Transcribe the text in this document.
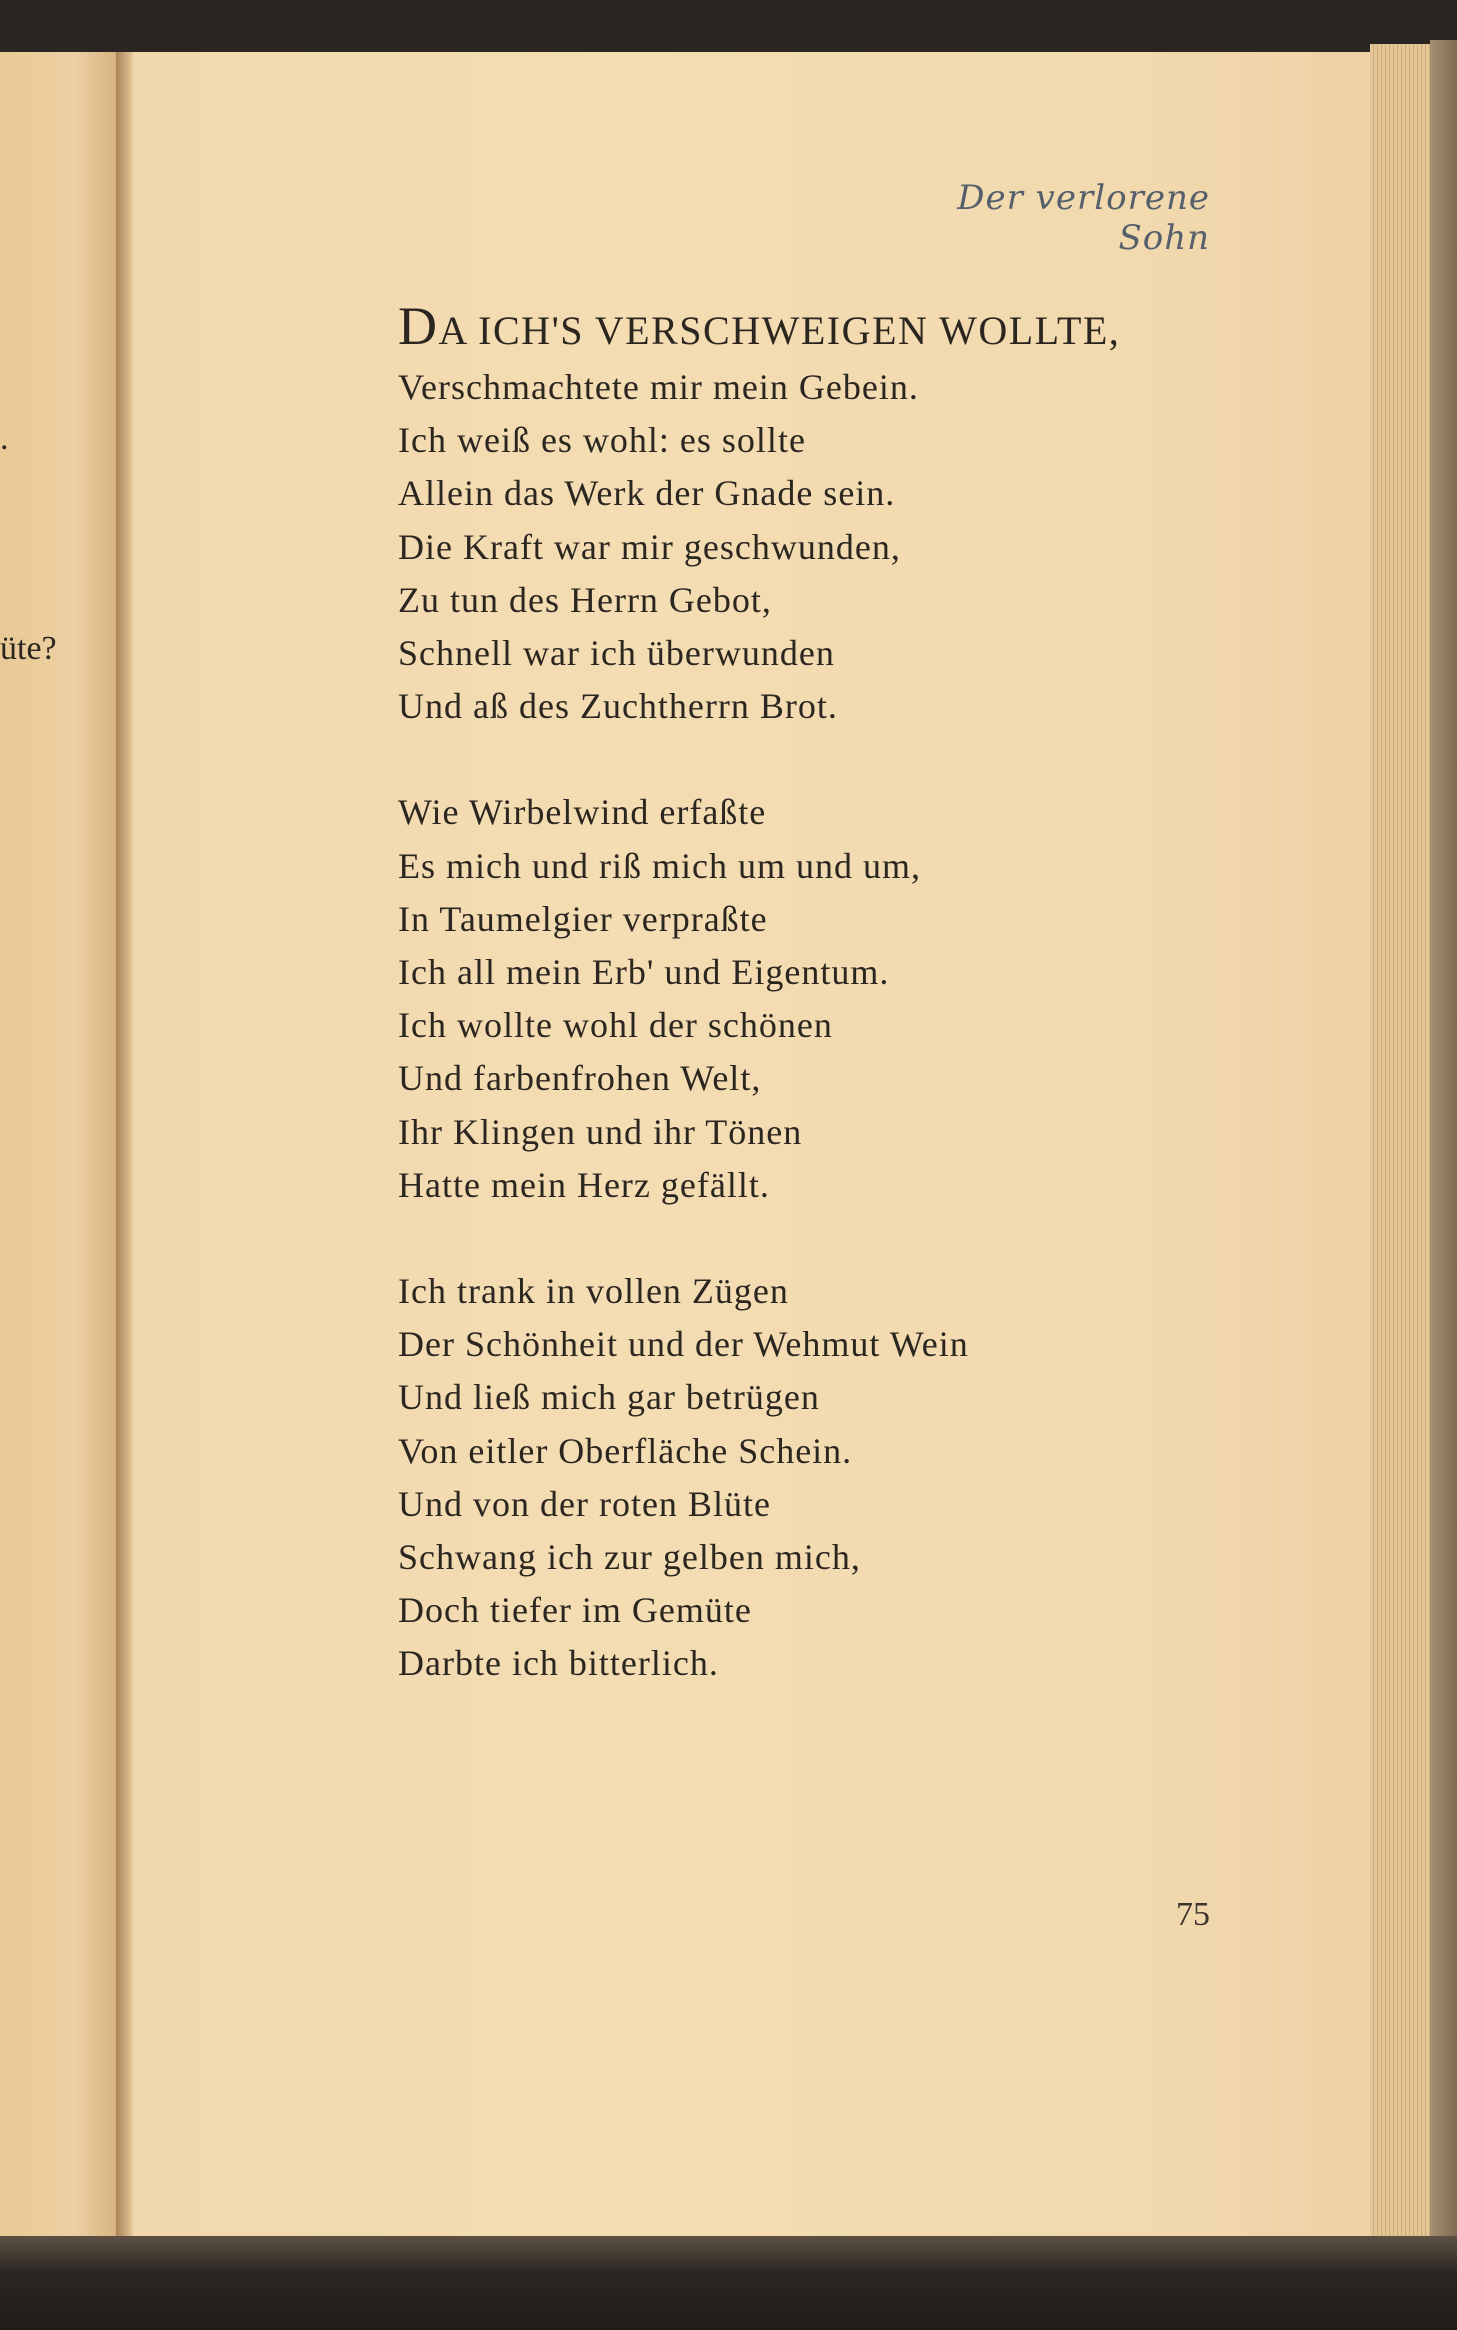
.
üte?
Der verlorene Sohn

DA ICH'S VERSCHWEIGEN WOLLTE,

Verschmachtete mir mein Gebein.

Ich weiß es wohl: es sollte

Allein das Werk der Gnade sein.

Die Kraft war mir geschwunden,

Zu tun des Herrn Gebot,

Schnell war ich überwunden

Und aß des Zuchtherrn Brot.

Wie Wirbelwind erfaßte

Es mich und riß mich um und um,

In Taumelgier verpraßte

Ich all mein Erb' und Eigentum.

Ich wollte wohl der schönen

Und farbenfrohen Welt,

Ihr Klingen und ihr Tönen

Hatte mein Herz gefällt.

Ich trank in vollen Zügen

Der Schönheit und der Wehmut Wein

Und ließ mich gar betrügen

Von eitler Oberfläche Schein.

Und von der roten Blüte

Schwang ich zur gelben mich,

Doch tiefer im Gemüte

Darbte ich bitterlich.

75
